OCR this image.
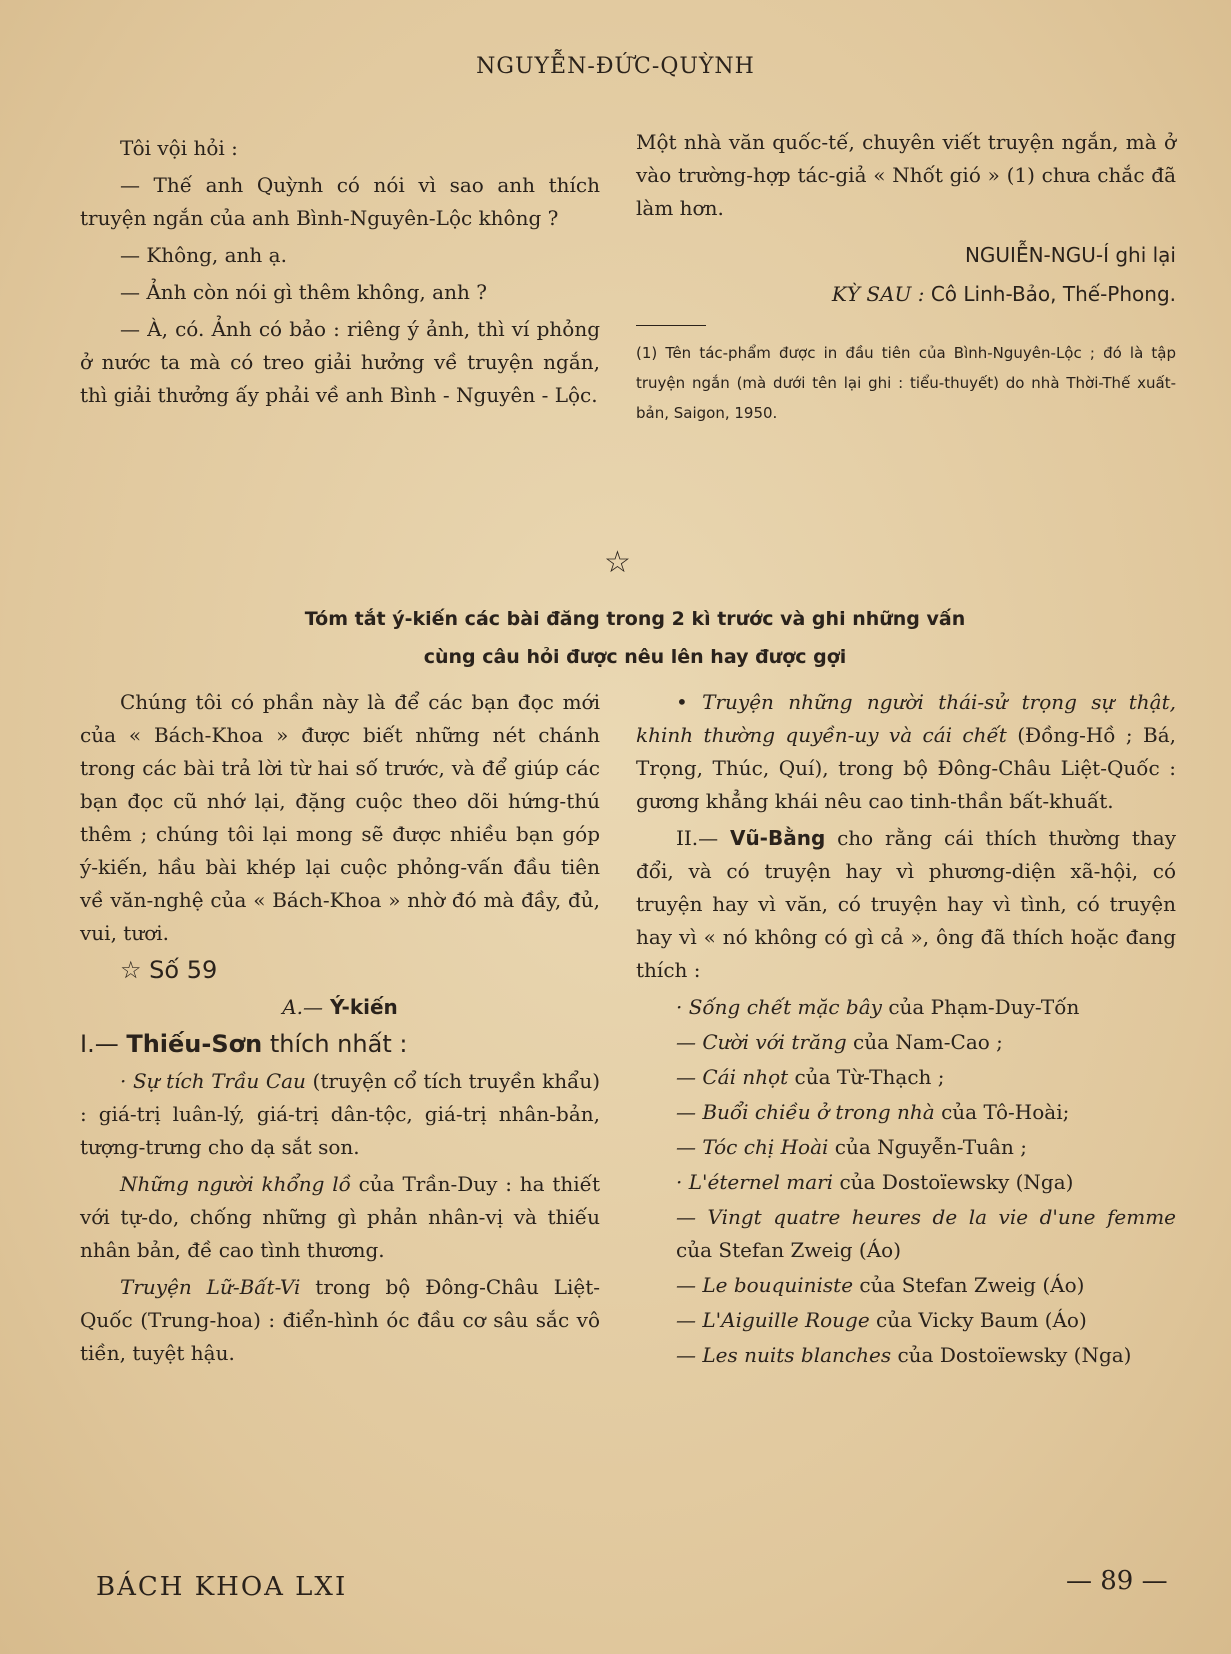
NGUYỄN-ĐỨC-QUỲNH

Tôi vội hỏi :

— Thế anh Quỳnh có nói vì sao anh thích truyện ngắn của anh Bình-Nguyên-Lộc không ?

— Không, anh ạ.

— Ảnh còn nói gì thêm không, anh ?

— À, có. Ảnh có bảo : riêng ý ảnh, thì ví phỏng ở nước ta mà có treo giải hưởng về truyện ngắn, thì giải thưởng ấy phải về anh Bình - Nguyên - Lộc.

Một nhà văn quốc-tế, chuyên viết truyện ngắn, mà ở vào trường-hợp tác-giả « Nhốt gió » (1) chưa chắc đã làm hơn.

NGUIỄN-NGU-Í ghi lại

KỲ SAU : Cô Linh-Bảo, Thế-Phong.

(1) Tên tác-phẩm được in đầu tiên của Bình-Nguyên-Lộc ; đó là tập truyện ngắn (mà dưới tên lại ghi : tiểu-thuyết) do nhà Thời-Thế xuất-bản, Saigon, 1950.

☆
Tóm tắt ý-kiến các bài đăng trong 2 kì trước và ghi những vấn
cùng câu hỏi được nêu lên hay được gợi

Chúng tôi có phần này là để các bạn đọc mới của « Bách-Khoa » được biết những nét chánh trong các bài trả lời từ hai số trước, và để giúp các bạn đọc cũ nhớ lại, đặng cuộc theo dõi hứng-thú thêm ; chúng tôi lại mong sẽ được nhiều bạn góp ý-kiến, hầu bài khép lại cuộc phỏng-vấn đầu tiên về văn-nghệ của « Bách-Khoa » nhờ đó mà đầy, đủ, vui, tươi.

☆ Số 59

A.— Ý-kiến

I.— Thiếu-Sơn thích nhất :

· Sự tích Trầu Cau (truyện cổ tích truyền khẩu) : giá-trị luân-lý, giá-trị dân-tộc, giá-trị nhân-bản, tượng-trưng cho dạ sắt son.

Những người khổng lồ của Trần-Duy : ha thiết với tự-do, chống những gì phản nhân-vị và thiếu nhân bản, đề cao tình thương.

Truyện Lữ-Bất-Vi trong bộ Đông-Châu Liệt-Quốc (Trung-hoa) : điển-hình óc đầu cơ sâu sắc vô tiền, tuyệt hậu.

• Truyện những người thái-sử trọng sự thật, khinh thường quyền-uy và cái chết (Đồng-Hồ ; Bá, Trọng, Thúc, Quí), trong bộ Đông-Châu Liệt-Quốc : gương khẳng khái nêu cao tinh-thần bất-khuất.

II.— Vũ-Bằng cho rằng cái thích thường thay đổi, và có truyện hay vì phương-diện xã-hội, có truyện hay vì văn, có truyện hay vì tình, có truyện hay vì « nó không có gì cả », ông đã thích hoặc đang thích :

· Sống chết mặc bây của Phạm-Duy-Tốn

— Cười với trăng của Nam-Cao ;

— Cái nhọt của Từ-Thạch ;

— Buổi chiều ở trong nhà của Tô-Hoài;

— Tóc chị Hoài của Nguyễn-Tuân ;

· L'éternel mari của Dostoïewsky (Nga)

— Vingt quatre heures de la vie d'une femme của Stefan Zweig (Áo)

— Le bouquiniste của Stefan Zweig (Áo)

— L'Aiguille Rouge của Vicky Baum (Áo)

— Les nuits blanches của Dostoïewsky (Nga)

BÁCH KHOA LXI	— 89 —
